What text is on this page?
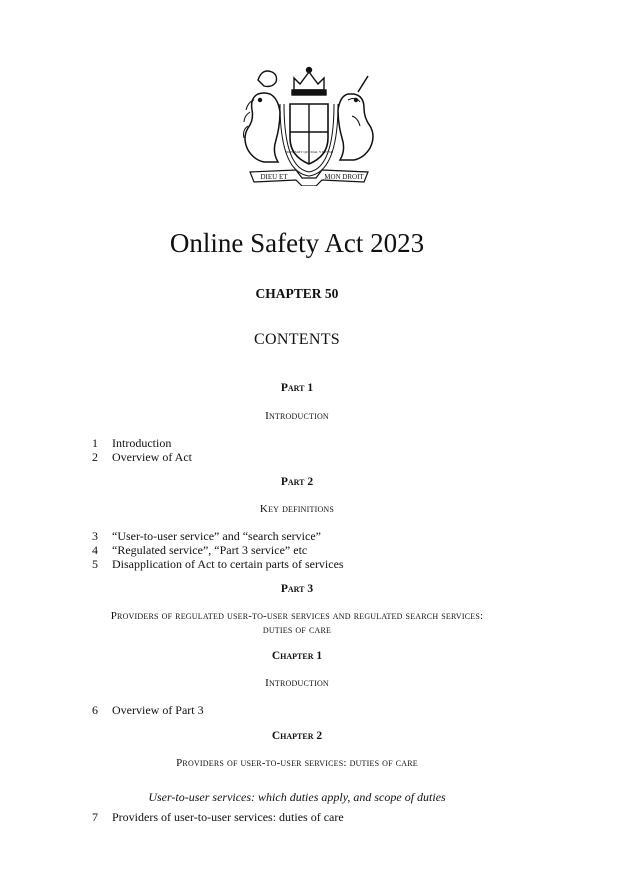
DIEU ET	MON DROIT
HONI SOIT QUI MAL Y PENSE
Online Safety Act 2023
CHAPTER 50
CONTENTS
Part 1
Introduction
1 Introduction
2 Overview of Act
Part 2
Key definitions
3 “User-to-user service” and “search service”
4 “Regulated service”, “Part 3 service” etc
5 Disapplication of Act to certain parts of services
Part 3
Providers of regulated user-to-user services and regulated search services:
duties of care
Chapter 1
Introduction
6 Overview of Part 3
Chapter 2
Providers of user-to-user services: duties of care
User-to-user services: which duties apply, and scope of duties
7 Providers of user-to-user services: duties of care
